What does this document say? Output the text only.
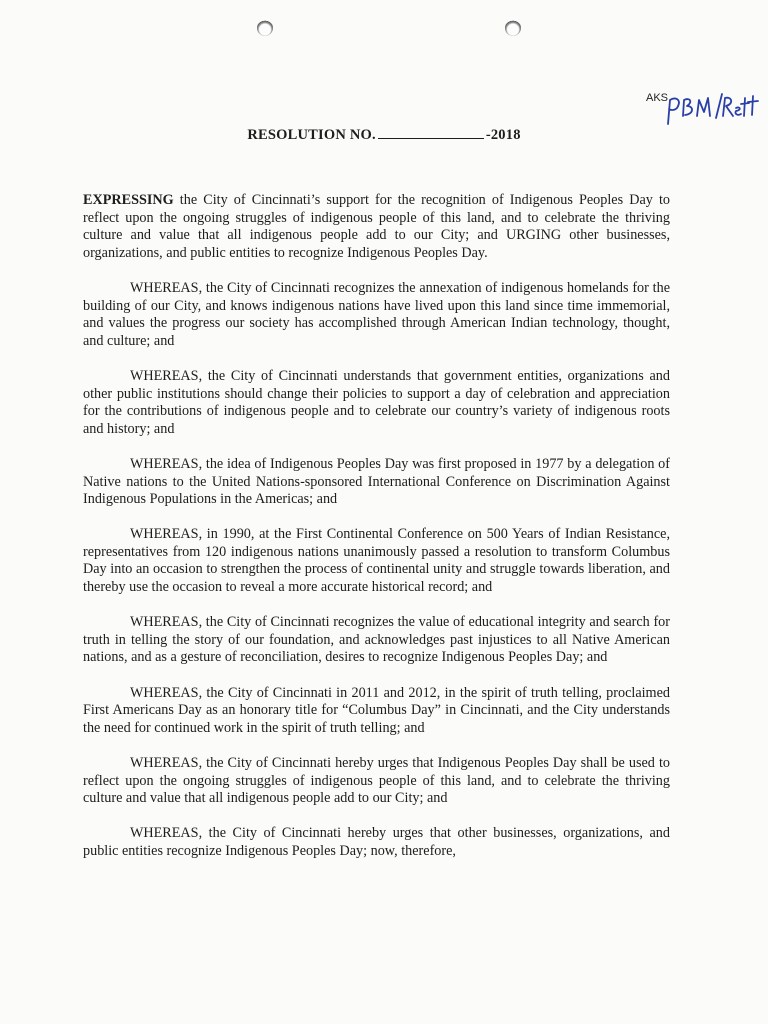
AKS
RESOLUTION NO.	-2018

EXPRESSING the City of Cincinnati’s support for the recognition of Indigenous Peoples Day to reflect upon the ongoing struggles of indigenous people of this land, and to celebrate the thriving culture and value that all indigenous people add to our City; and URGING other businesses, organizations, and public entities to recognize Indigenous Peoples Day.

WHEREAS, the City of Cincinnati recognizes the annexation of indigenous homelands for the building of our City, and knows indigenous nations have lived upon this land since time immemorial, and values the progress our society has accomplished through American Indian technology, thought, and culture; and

WHEREAS, the City of Cincinnati understands that government entities, organizations and other public institutions should change their policies to support a day of celebration and appreciation for the contributions of indigenous people and to celebrate our country’s variety of indigenous roots and history; and

WHEREAS, the idea of Indigenous Peoples Day was first proposed in 1977 by a delegation of Native nations to the United Nations-sponsored International Conference on Discrimination Against Indigenous Populations in the Americas; and

WHEREAS, in 1990, at the First Continental Conference on 500 Years of Indian Resistance, representatives from 120 indigenous nations unanimously passed a resolution to transform Columbus Day into an occasion to strengthen the process of continental unity and struggle towards liberation, and thereby use the occasion to reveal a more accurate historical record; and

WHEREAS, the City of Cincinnati recognizes the value of educational integrity and search for truth in telling the story of our foundation, and acknowledges past injustices to all Native American nations, and as a gesture of reconciliation, desires to recognize Indigenous Peoples Day; and

WHEREAS, the City of Cincinnati in 2011 and 2012, in the spirit of truth telling, proclaimed First Americans Day as an honorary title for “Columbus Day” in Cincinnati, and the City understands the need for continued work in the spirit of truth telling; and

WHEREAS, the City of Cincinnati hereby urges that Indigenous Peoples Day shall be used to reflect upon the ongoing struggles of indigenous people of this land, and to celebrate the thriving culture and value that all indigenous people add to our City; and

WHEREAS, the City of Cincinnati hereby urges that other businesses, organizations, and public entities recognize Indigenous Peoples Day; now, therefore,
